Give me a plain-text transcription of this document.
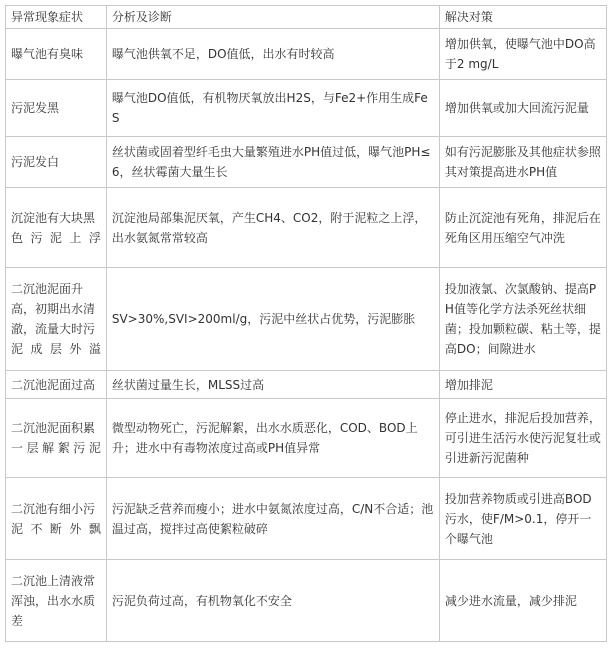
异常现象症状	分析及诊断	解决对策
曝气池有臭味	曝气池供氧不足，DO值低，出水有时较高	增加供氧，使曝气池中DO高于2 mg/L
污泥发黑	曝气池DO值低，有机物厌氧放出H2S，与Fe2+作用生成FeS	增加供氧或加大回流污泥量
污泥发白	丝状菌或固着型纤毛虫大量繁殖进水PH值过低，曝气池PH≤6，丝状霉菌大量生长	如有污泥膨胀及其他症状参照其对策提高进水PH值
沉淀池有大块黑色污泥上浮	沉淀池局部集泥厌氧，产生CH4、CO2，附于泥粒之上浮，出水氨氮常常较高	防止沉淀池有死角，排泥后在死角区用压缩空气冲洗
二沉池泥面升高，初期出水清澈，流量大时污泥成层外溢	SV>30%,SVI>200ml/g，污泥中丝状占优势，污泥膨胀	投加液氯、次氯酸钠、提高PH值等化学方法杀死丝状细菌；投加颗粒碳、粘土等，提高DO；间隙进水
二沉池泥面过高	丝状菌过量生长，MLSS过高	增加排泥
二沉池泥面积累一层解絮污泥	微型动物死亡，污泥解絮，出水水质恶化，COD、BOD上升；进水中有毒物浓度过高或PH值异常	停止进水，排泥后投加营养，可引进生活污水使污泥复壮或引进新污泥菌种
二沉池有细小污泥不断外飘	污泥缺乏营养而瘦小；进水中氨氮浓度过高，C/N不合适；池温过高，搅拌过高使絮粒破碎	投加营养物质或引进高BOD污水，使F/M>0.1，停开一个曝气池
二沉池上清液常浑浊，出水水质差	污泥负荷过高，有机物氧化不安全	减少进水流量，减少排泥
